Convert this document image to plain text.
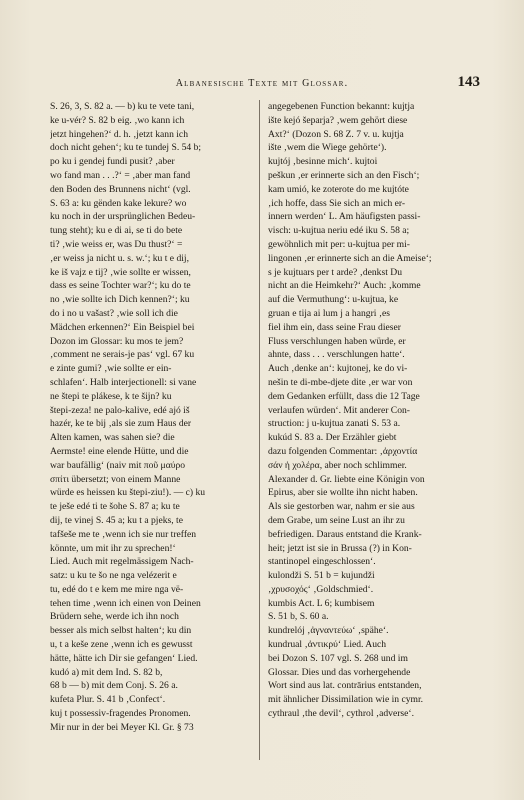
Albanesische Texte mit Glossar.	143
S. 26, 3, S. 82 a. — b) ku te vete tani,
ke u-vér? S. 82 b eig. ‚wo kann ich
jetzt hingehen?‘ d. h. ‚jetzt kann ich
doch nicht gehen‘; ku te tundej S. 54 b;
po ku i gendej fundi pusit? ‚aber
wo fand man . . .?‘ = ‚aber man fand
den Boden des Brunnens nicht‘ (vgl.
S. 63 a: ku gënden kake lekure? wo
ku noch in der ursprünglichen Bedeu-
tung steht); ku e di ai, se ti do bete
ti? ‚wie weiss er, was Du thust?‘ =
‚er weiss ja nicht u. s. w.‘; ku t e dij,
ke iš vajz e tij? ‚wie sollte er wissen,
dass es seine Tochter war?‘; ku do te
no ‚wie sollte ich Dich kennen?‘; ku
do i no u vašast? ‚wie soll ich die
Mädchen erkennen?‘ Ein Beispiel bei
Dozon im Glossar: ku mos te jem?
‚comment ne serais-je pas‘ vgl. 67 ku
e zinte gumi? ‚wie sollte er ein-
schlafen‘. Halb interjectionell: si vane
ne štepi te plákese, k te šijn? ku
štepi-zeza! ne palo-kalive, edé ajó iš
hazér, ke te bij ‚als sie zum Haus der
Alten kamen, was sahen sie? die
Aermste! eine elende Hütte, und die
war baufällig‘ (naiv mit ποῦ μαύρο
σπίτι übersetzt; von einem Manne
würde es heissen ku štepi-ziu!). — c) ku
te ješe edé ti te šohe S. 87 a; ku te
dij, te vinej S. 45 a; ku t a pjeks, te
tafšeše me te ‚wenn ich sie nur treffen
könnte, um mit ihr zu sprechen!‘
Lied. Auch mit regelmässigem Nach-
satz: u ku te šo ne nga velézerit e
tu, edé do t e kem me mire nga vë-
tehen time ‚wenn ich einen von Deinen
Brüdern sehe, werde ich ihn noch
besser als mich selbst halten‘; ku din
u, t a keše zene ‚wenn ich es gewusst
hätte, hätte ich Dir sie gefangen‘ Lied.
kudó a) mit dem Ind. S. 82 b,
68 b — b) mit dem Conj. S. 26 a.
kufeta Plur. S. 41 b ‚Confect‘.
kuj t possessiv-fragendes Pronomen.
Mir nur in der bei Meyer Kl. Gr. § 73
angegebenen Function bekannt: kujtja
ište kejó šeparja? ‚wem gehört diese
Axt?‘ (Dozon S. 68 Z. 7 v. u. kujtja
ište ‚wem die Wiege gehörte‘).
kujtój ‚besinne mich‘. kujtoi
peškun ‚er erinnerte sich an den Fisch‘;
kam umió, ke zoterote do me kujtóte
‚ich hoffe, dass Sie sich an mich er-
innern werden‘ L. Am häufigsten passi-
visch: u-kujtua neriu edé iku S. 58 a;
gewöhnlich mit per: u-kujtua per mi-
lingonen ‚er erinnerte sich an die Ameise‘;
s je kujtuars per t arde? ‚denkst Du
nicht an die Heimkehr?‘ Auch: ‚komme
auf die Vermuthung‘: u-kujtua, ke
gruan e tija ai lum j a hangri ‚es
fiel ihm ein, dass seine Frau dieser
Fluss verschlungen haben würde, er
ahnte, dass . . . verschlungen hatte‘.
Auch ‚denke an‘: kujtonej, ke do vi-
nešin te di-mbe-djete dite ‚er war von
dem Gedanken erfüllt, dass die 12 Tage
verlaufen würden‘. Mit anderer Con-
struction: j u-kujtua zanati S. 53 a.
kukúd S. 83 a. Der Erzähler giebt
dazu folgenden Commentar: ‚ἀρχοντία
σάν ἡ χολέρα, aber noch schlimmer.
Alexander d. Gr. liebte eine Königin von
Epirus, aber sie wollte ihn nicht haben.
Als sie gestorben war, nahm er sie aus
dem Grabe, um seine Lust an ihr zu
befriedigen. Daraus entstand die Krank-
heit; jetzt ist sie in Brussa (?) in Kon-
stantinopel eingeschlossen‘.
kulondži S. 51 b = kujundži
‚χρυσοχός‘ ‚Goldschmied‘.
kumbis Act. L 6; kumbisem
S. 51 b, S. 60 a.
kundrelój ‚ἀγναντεύω‘ ‚spähe‘.
kundrual ‚ἀντικρύ‘ Lied. Auch
bei Dozon S. 107 vgl. S. 268 und im
Glossar. Dies und das vorhergehende
Wort sind aus lat. contrārius entstanden,
mit ähnlicher Dissimilation wie in cymr.
cythraul ‚the devil‘, cythrol ‚adverse‘.
